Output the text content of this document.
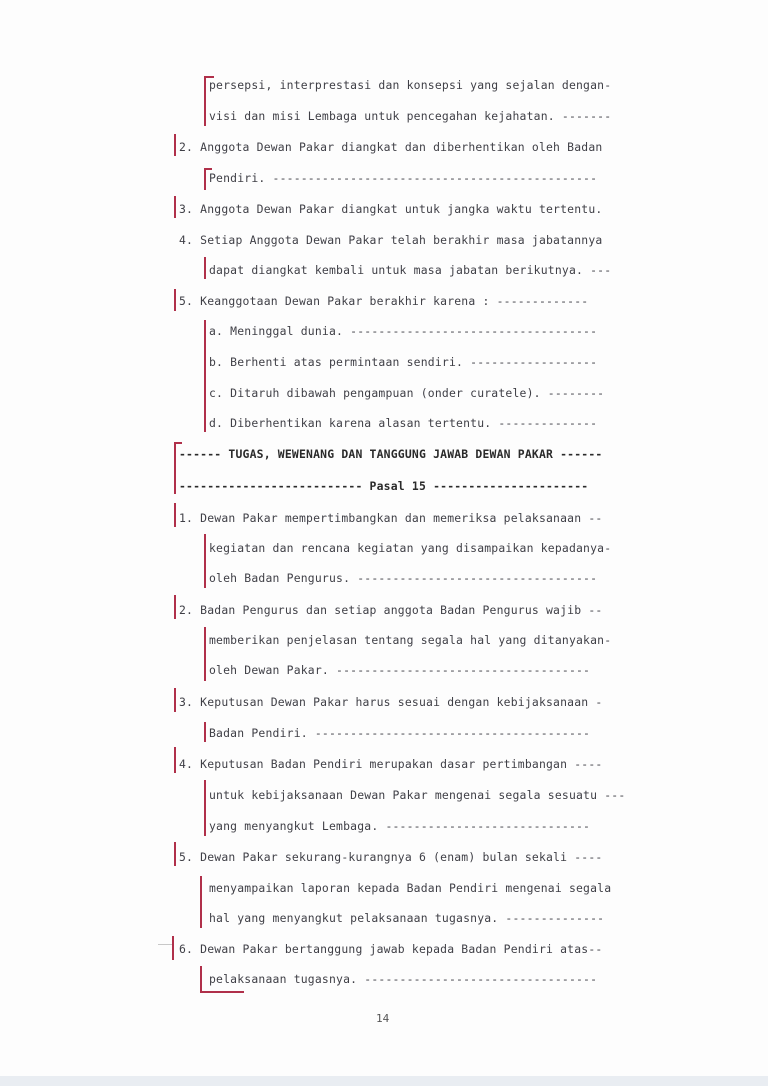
persepsi, interprestasi dan konsepsi yang sejalan dengan-
visi dan misi Lembaga untuk pencegahan kejahatan. -------
2. Anggota Dewan Pakar diangkat dan diberhentikan oleh Badan
Pendiri. ----------------------------------------------
3. Anggota Dewan Pakar diangkat untuk jangka waktu tertentu.
4. Setiap Anggota Dewan Pakar telah berakhir masa jabatannya
dapat diangkat kembali untuk masa jabatan berikutnya. ---
5. Keanggotaan Dewan Pakar berakhir karena : -------------
a. Meninggal dunia. -----------------------------------
b. Berhenti atas permintaan sendiri. ------------------
c. Ditaruh dibawah pengampuan (onder curatele). --------
d. Diberhentikan karena alasan tertentu. --------------
------ TUGAS, WEWENANG DAN TANGGUNG JAWAB DEWAN PAKAR ------
-------------------------- Pasal 15 ----------------------
1. Dewan Pakar mempertimbangkan dan memeriksa pelaksanaan --
kegiatan dan rencana kegiatan yang disampaikan kepadanya-
oleh Badan Pengurus. ----------------------------------
2. Badan Pengurus dan setiap anggota Badan Pengurus wajib --
memberikan penjelasan tentang segala hal yang ditanyakan-
oleh Dewan Pakar. ------------------------------------
3. Keputusan Dewan Pakar harus sesuai dengan kebijaksanaan -
Badan Pendiri. ---------------------------------------
4. Keputusan Badan Pendiri merupakan dasar pertimbangan ----
untuk kebijaksanaan Dewan Pakar mengenai segala sesuatu ---
yang menyangkut Lembaga. -----------------------------
5. Dewan Pakar sekurang-kurangnya 6 (enam) bulan sekali ----
menyampaikan laporan kepada Badan Pendiri mengenai segala
hal yang menyangkut pelaksanaan tugasnya. --------------
6. Dewan Pakar bertanggung jawab kepada Badan Pendiri atas--
pelaksanaan tugasnya. ---------------------------------
14
